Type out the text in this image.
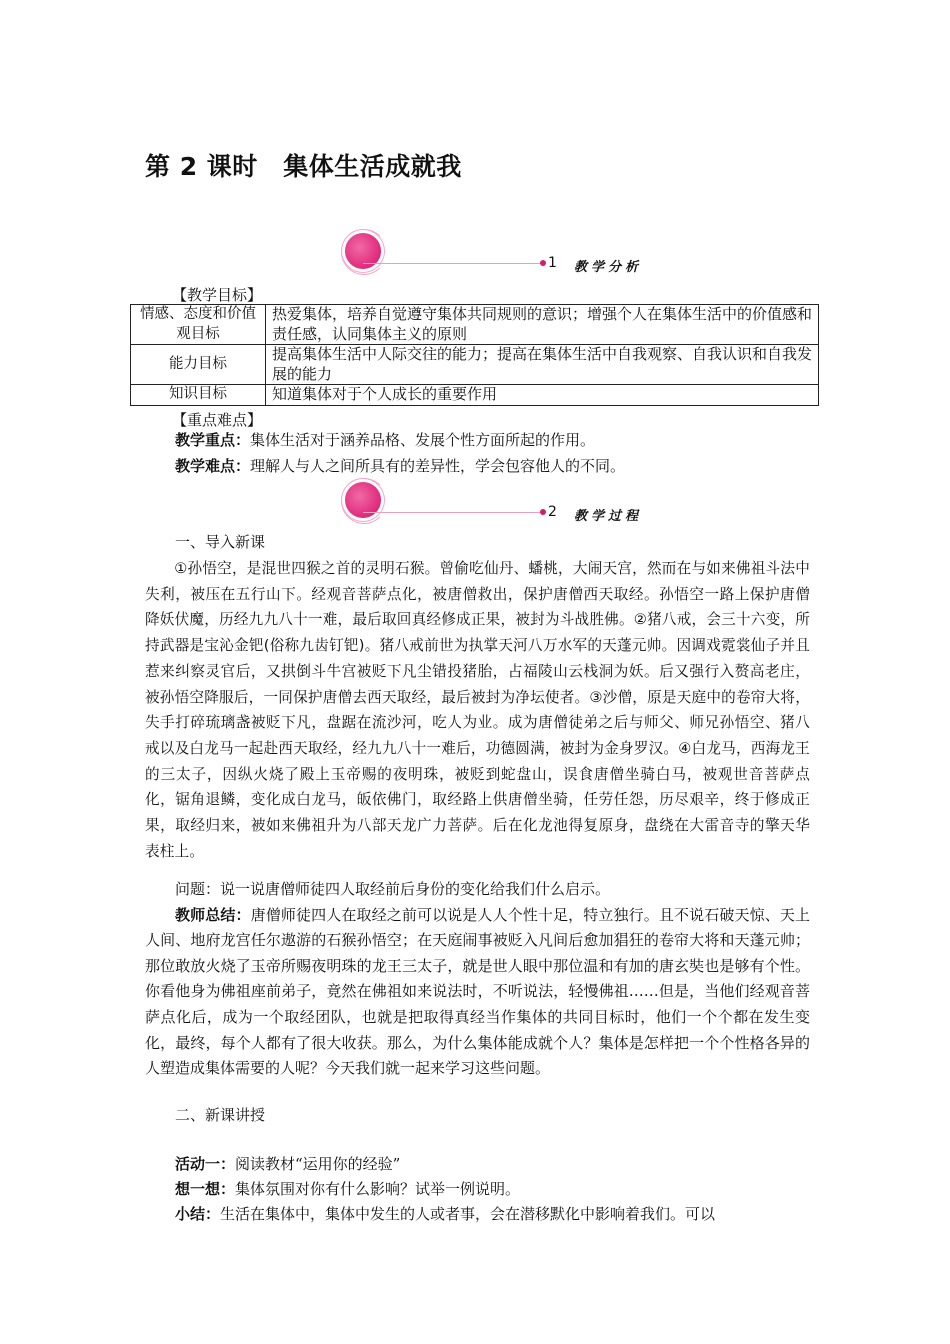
第 2 课时　集体生活成就我
1 教学分析
【教学目标】
情感、态度和价值观目标	热爱集体，培养自觉遵守集体共同规则的意识；增强个人在集体生活中的价值感和责任感，认同集体主义的原则
能力目标	提高集体生活中人际交往的能力；提高在集体生活中自我观察、自我认识和自我发展的能力
知识目标	知道集体对于个人成长的重要作用
【重点难点】
教学重点：集体生活对于涵养品格、发展个性方面所起的作用。
教学难点：理解人与人之间所具有的差异性，学会包容他人的不同。
2 教学过程
一、导入新课

①孙悟空，是混世四猴之首的灵明石猴。曾偷吃仙丹、蟠桃，大闹天宫，然而在与如来佛祖斗法中失利，被压在五行山下。经观音菩萨点化，被唐僧救出，保护唐僧西天取经。孙悟空一路上保护唐僧降妖伏魔，历经九九八十一难，最后取回真经修成正果，被封为斗战胜佛。②猪八戒，会三十六变，所持武器是宝沁金钯(俗称九齿钉钯)。猪八戒前世为执掌天河八万水军的天蓬元帅。因调戏霓裳仙子并且惹来纠察灵官后，又拱倒斗牛宫被贬下凡尘错投猪胎，占福陵山云栈洞为妖。后又强行入赘高老庄，被孙悟空降服后，一同保护唐僧去西天取经，最后被封为净坛使者。③沙僧，原是天庭中的卷帘大将，失手打碎琉璃盏被贬下凡，盘踞在流沙河，吃人为业。成为唐僧徒弟之后与师父、师兄孙悟空、猪八戒以及白龙马一起赴西天取经，经九九八十一难后，功德圆满，被封为金身罗汉。④白龙马，西海龙王的三太子，因纵火烧了殿上玉帝赐的夜明珠，被贬到蛇盘山，误食唐僧坐骑白马，被观世音菩萨点化，锯角退鳞，变化成白龙马，皈依佛门，取经路上供唐僧坐骑，任劳任怨，历尽艰辛，终于修成正果，取经归来，被如来佛祖升为八部天龙广力菩萨。后在化龙池得复原身，盘绕在大雷音寺的擎天华表柱上。

问题：说一说唐僧师徒四人取经前后身份的变化给我们什么启示。

教师总结：唐僧师徒四人在取经之前可以说是人人个性十足，特立独行。且不说石破天惊、天上人间、地府龙宫任尔遨游的石猴孙悟空；在天庭闹事被贬入凡间后愈加猖狂的卷帘大将和天蓬元帅；那位敢放火烧了玉帝所赐夜明珠的龙王三太子，就是世人眼中那位温和有加的唐玄奘也是够有个性。你看他身为佛祖座前弟子，竟然在佛祖如来说法时，不听说法，轻慢佛祖……但是，当他们经观音菩萨点化后，成为一个取经团队，也就是把取得真经当作集体的共同目标时，他们一个个都在发生变化，最终，每个人都有了很大收获。那么，为什么集体能成就个人？集体是怎样把一个个性格各异的人塑造成集体需要的人呢？今天我们就一起来学习这些问题。

二、新课讲授
活动一：阅读教材“运用你的经验”
想一想：集体氛围对你有什么影响？试举一例说明。
小结：生活在集体中，集体中发生的人或者事，会在潜移默化中影响着我们。可以
